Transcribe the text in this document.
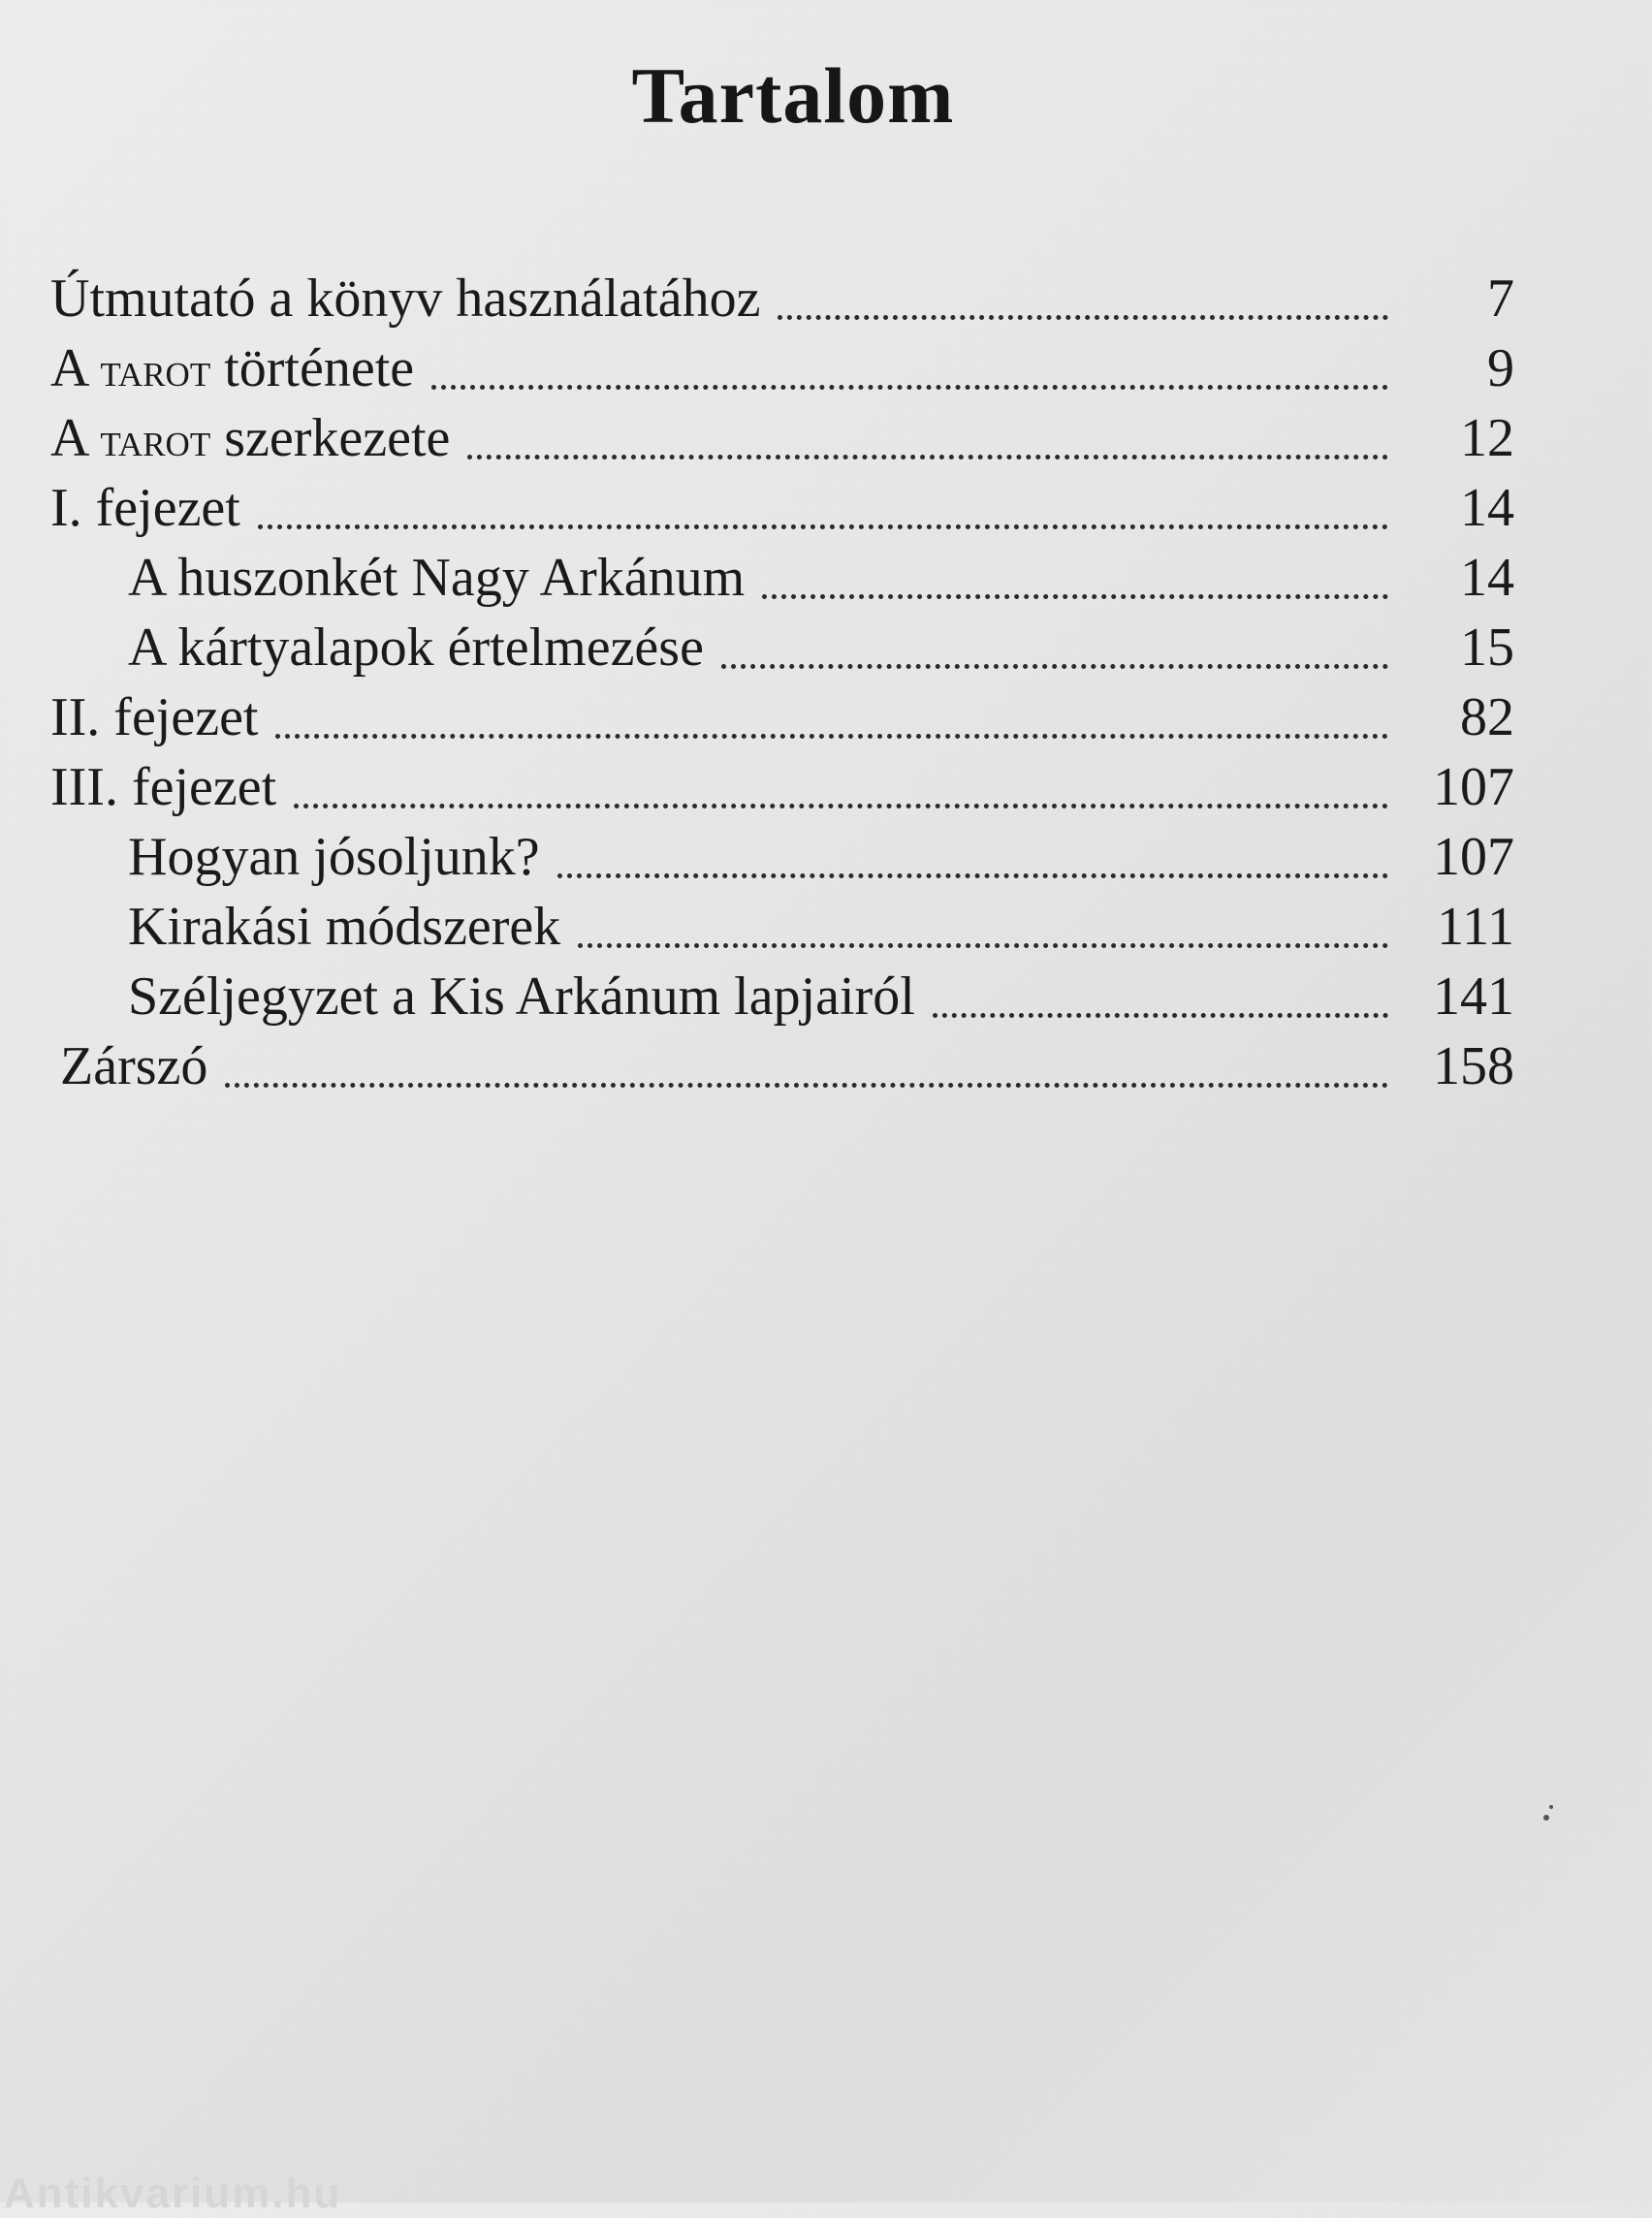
Tartalom
Útmutató a könyv használatához	7
A tarot története	9
A tarot szerkezete	12
I. fejezet	14
A huszonkét Nagy Arkánum	14
A kártyalapok értelmezése	15
II. fejezet	82
III. fejezet	107
Hogyan jósoljunk?	107
Kirakási módszerek	111
Széljegyzet a Kis Arkánum lapjairól	141
Zárszó	158
Antikvarium.hu
